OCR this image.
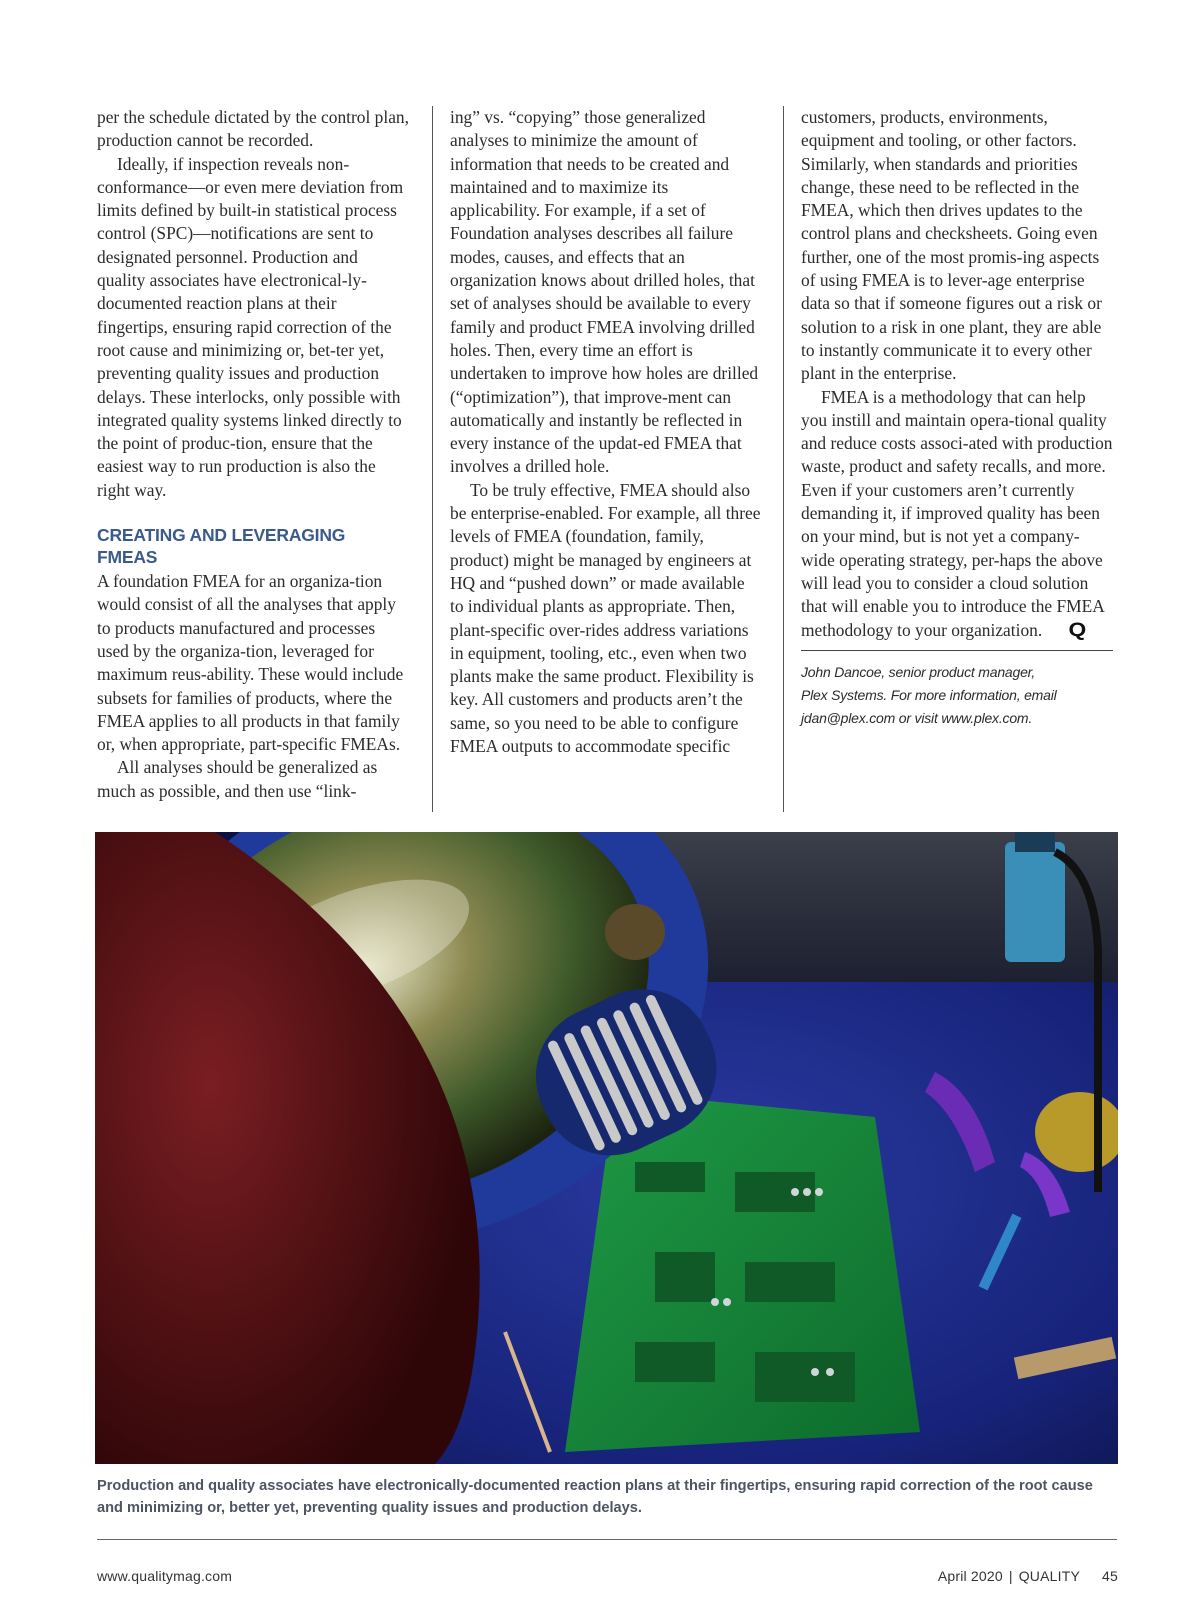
per the schedule dictated by the control plan, production cannot be recorded.

Ideally, if inspection reveals non-conformance—or even mere deviation from limits defined by built-in statistical process control (SPC)—notifications are sent to designated personnel. Production and quality associates have electronical-ly-documented reaction plans at their fingertips, ensuring rapid correction of the root cause and minimizing or, bet-ter yet, preventing quality issues and production delays. These interlocks, only possible with integrated quality systems linked directly to the point of produc-tion, ensure that the easiest way to run production is also the right way.

CREATING AND LEVERAGING FMEAS

A foundation FMEA for an organiza-tion would consist of all the analyses that apply to products manufactured and processes used by the organiza-tion, leveraged for maximum reus-ability. These would include subsets for families of products, where the FMEA applies to all products in that family or, when appropriate, part-specific FMEAs.

All analyses should be generalized as much as possible, and then use “link-

ing” vs. “copying” those generalized analyses to minimize the amount of information that needs to be created and maintained and to maximize its applicability. For example, if a set of Foundation analyses describes all failure modes, causes, and effects that an organization knows about drilled holes, that set of analyses should be available to every family and product FMEA involving drilled holes. Then, every time an effort is undertaken to improve how holes are drilled (“optimization”), that improve-ment can automatically and instantly be reflected in every instance of the updat-ed FMEA that involves a drilled hole.

To be truly effective, FMEA should also be enterprise-enabled. For example, all three levels of FMEA (foundation, family, product) might be managed by engineers at HQ and “pushed down” or made available to individual plants as appropriate. Then, plant-specific over-rides address variations in equipment, tooling, etc., even when two plants make the same product. Flexibility is key. All customers and products aren’t the same, so you need to be able to configure FMEA outputs to accommodate specific

customers, products, environments, equipment and tooling, or other factors. Similarly, when standards and priorities change, these need to be reflected in the FMEA, which then drives updates to the control plans and checksheets. Going even further, one of the most promis-ing aspects of using FMEA is to lever-age enterprise data so that if someone figures out a risk or solution to a risk in one plant, they are able to instantly communicate it to every other plant in the enterprise.

FMEA is a methodology that can help you instill and maintain opera-tional quality and reduce costs associ-ated with production waste, product and safety recalls, and more. Even if your customers aren’t currently demanding it, if improved quality has been on your mind, but is not yet a company-wide operating strategy, per-haps the above will lead you to consider a cloud solution that will enable you to introduce the FMEA methodology to your organization. Q

John Dancoe, senior product manager,
Plex Systems. For more information, email
jdan@plex.com or visit www.plex.com.
Production and quality associates have electronically-documented reaction plans at their fingertips, ensuring rapid correction of the root cause and minimizing or, better yet, preventing quality issues and production delays.
www.qualitymag.com	April 2020 | QUALITY 45
